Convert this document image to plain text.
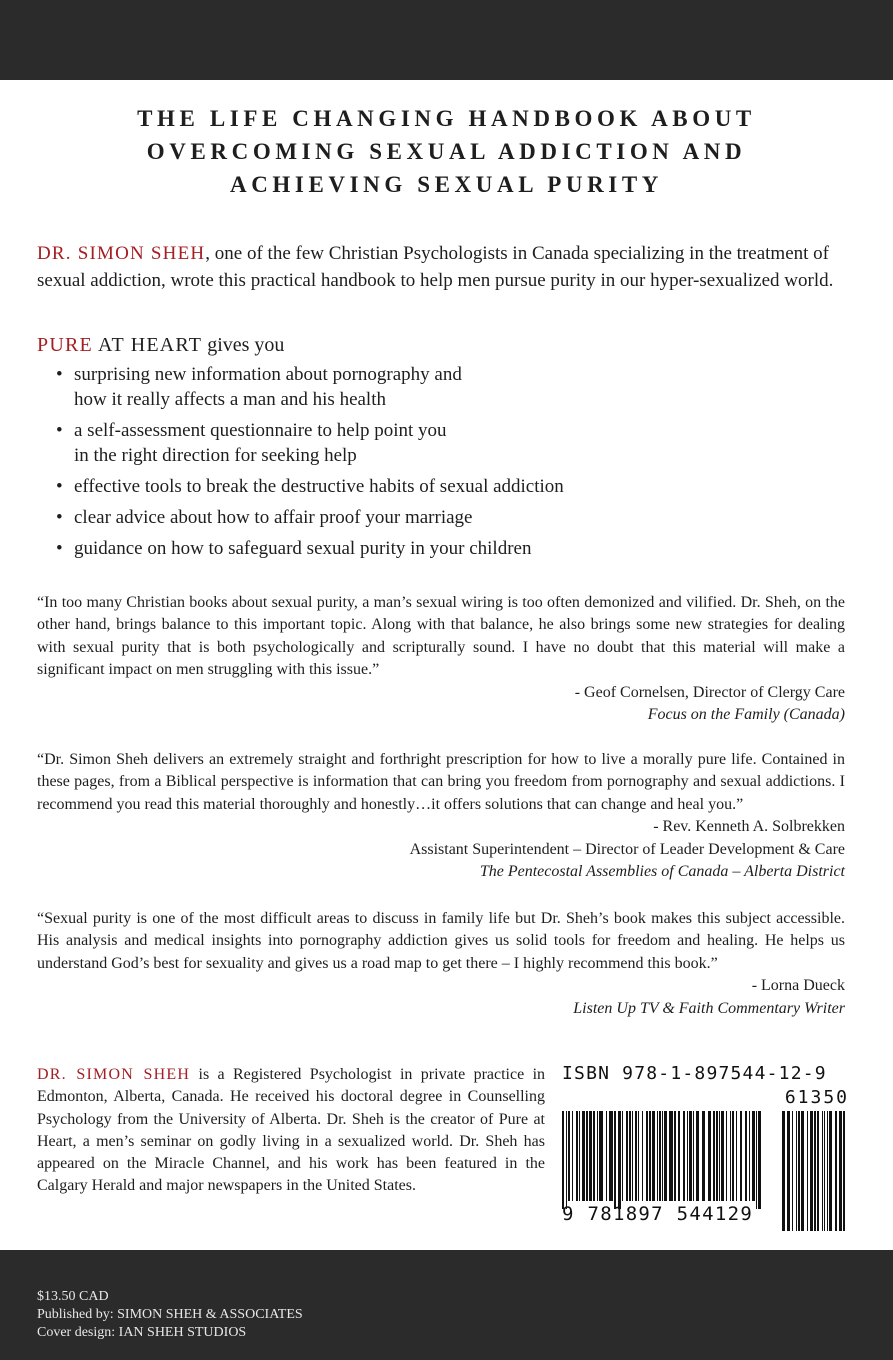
THE LIFE CHANGING HANDBOOK ABOUT
OVERCOMING SEXUAL ADDICTION AND
ACHIEVING SEXUAL PURITY

DR. SIMON SHEH, one of the few Christian Psychologists in Canada specializing in the treatment of sexual addiction, wrote this practical handbook to help men pursue purity in our hyper-sexualized world.

PURE AT HEART gives you

• surprising new information about pornography and
how it really affects a man and his health
• a self-assessment questionnaire to help point you
in the right direction for seeking help
• effective tools to break the destructive habits of sexual addiction
• clear advice about how to affair proof your marriage
• guidance on how to safeguard sexual purity in your children

“In too many Christian books about sexual purity, a man’s sexual wiring is too often demonized and vilified. Dr. Sheh, on the other hand, brings balance to this important topic. Along with that balance, he also brings some new strategies for dealing with sexual purity that is both psychologically and scripturally sound. I have no doubt that this material will make a significant impact on men struggling with this issue.”

- Geof Cornelsen, Director of Clergy Care

Focus on the Family (Canada)

“Dr. Simon Sheh delivers an extremely straight and forthright prescription for how to live a morally pure life. Contained in these pages, from a Biblical perspective is information that can bring you freedom from pornography and sexual addictions. I recommend you read this material thoroughly and honestly…it offers solutions that can change and heal you.”

- Rev. Kenneth A. Solbrekken

Assistant Superintendent – Director of Leader Development & Care

The Pentecostal Assemblies of Canada – Alberta District

“Sexual purity is one of the most difficult areas to discuss in family life but Dr. Sheh’s book makes this subject accessible. His analysis and medical insights into pornography addiction gives us solid tools for freedom and healing. He helps us understand God’s best for sexuality and gives us a road map to get there – I highly recommend this book.”

- Lorna Dueck

Listen Up TV & Faith Commentary Writer

DR. SIMON SHEH is a Registered Psychologist in private practice in Edmonton, Alberta, Canada. He received his doctoral degree in Counselling Psychology from the University of Alberta. Dr. Sheh is the creator of Pure at Heart, a men’s seminar on godly living in a sexualized world. Dr. Sheh has appeared on the Miracle Channel, and his work has been featured in the Calgary Herald and major newspapers in the United States.

ISBN 978-1-897544-12-9
61350
9 781897 544129
$13.50 CAD
Published by: SIMON SHEH & ASSOCIATES
Cover design: IAN SHEH STUDIOS
